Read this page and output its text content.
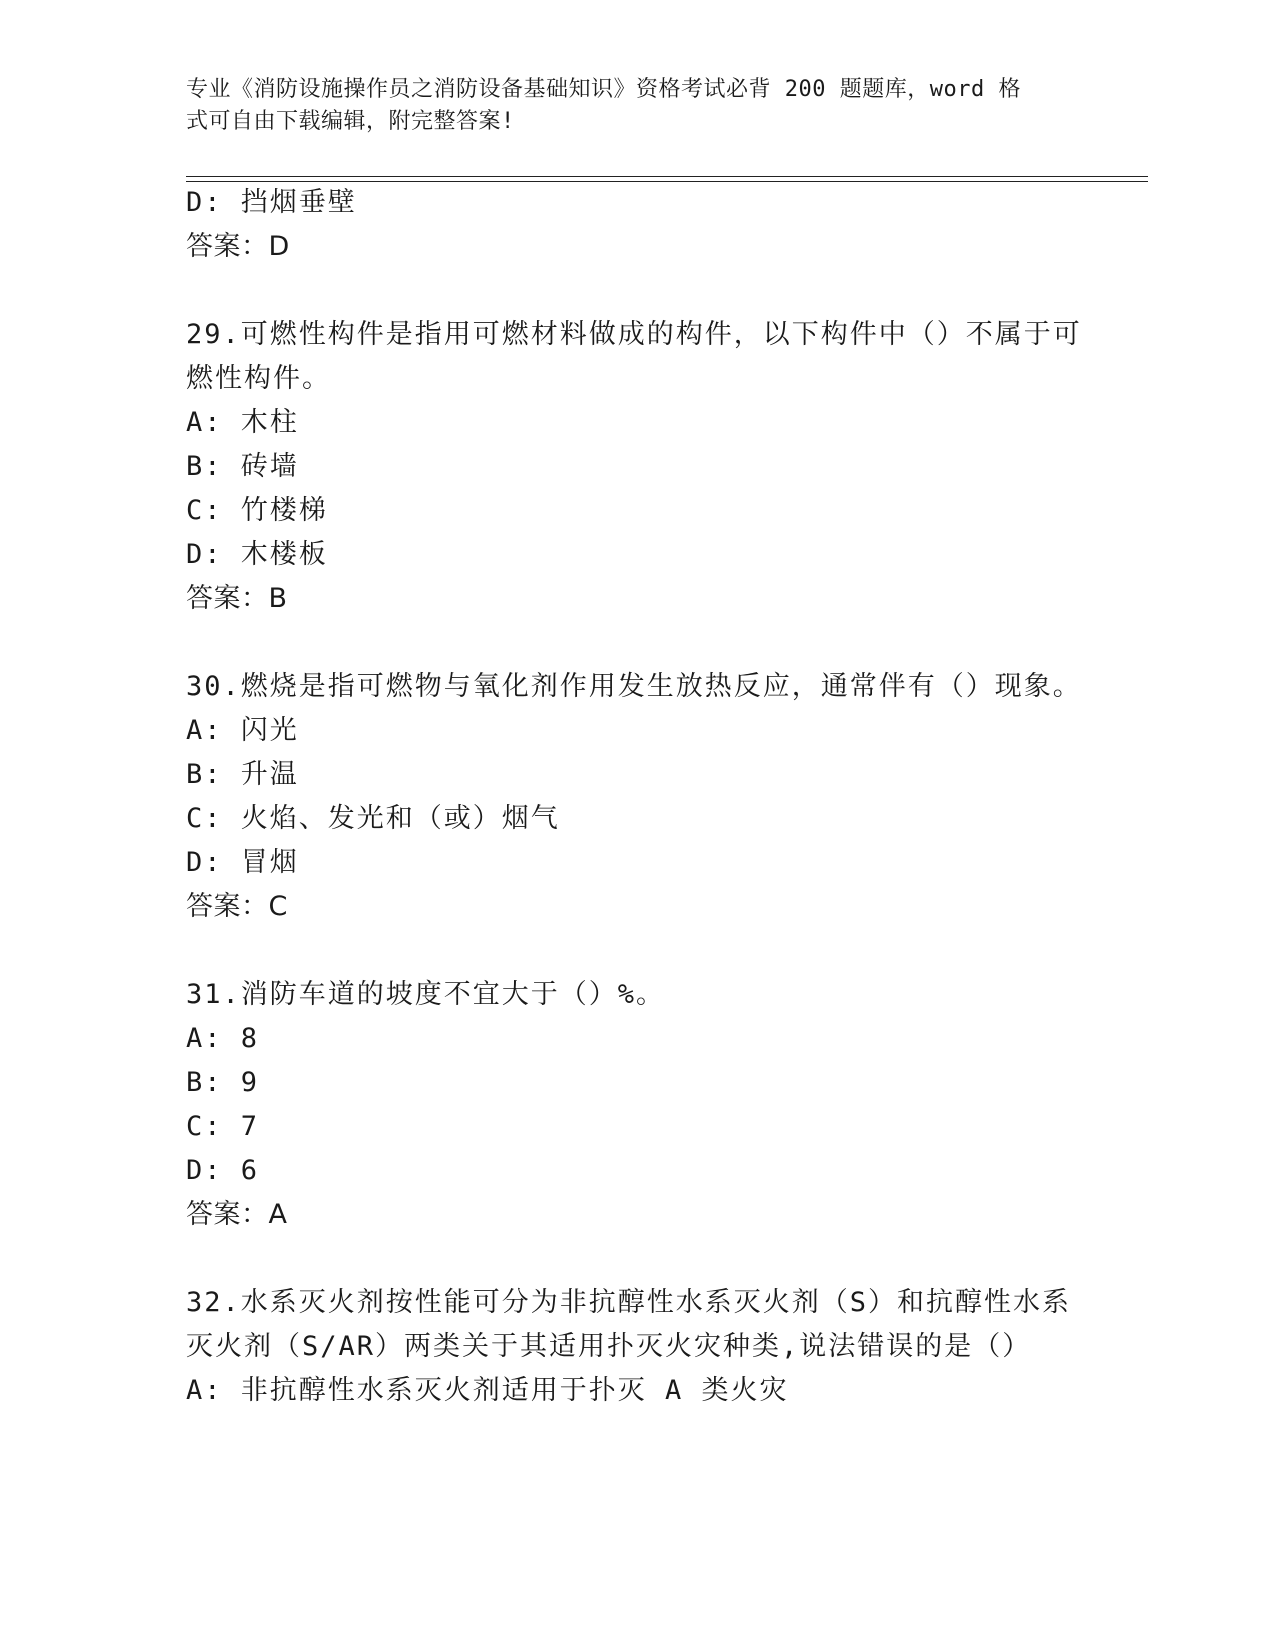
专业《消防设施操作员之消防设备基础知识》资格考试必背 200 题题库，word 格
式可自由下载编辑，附完整答案!
D: 挡烟垂壁
答案：D
29.可燃性构件是指用可燃材料做成的构件，以下构件中（）不属于可
燃性构件。
A: 木柱
B: 砖墙
C: 竹楼梯
D: 木楼板
答案：B
30.燃烧是指可燃物与氧化剂作用发生放热反应，通常伴有（）现象。
A: 闪光
B: 升温
C: 火焰、发光和（或）烟气
D: 冒烟
答案：C
31.消防车道的坡度不宜大于（）%。
A: 8
B: 9
C: 7
D: 6
答案：A
32.水系灭火剂按性能可分为非抗醇性水系灭火剂（S）和抗醇性水系
灭火剂（S/AR）两类关于其适用扑灭火灾种类,说法错误的是（）
A: 非抗醇性水系灭火剂适用于扑灭 A 类火灾
